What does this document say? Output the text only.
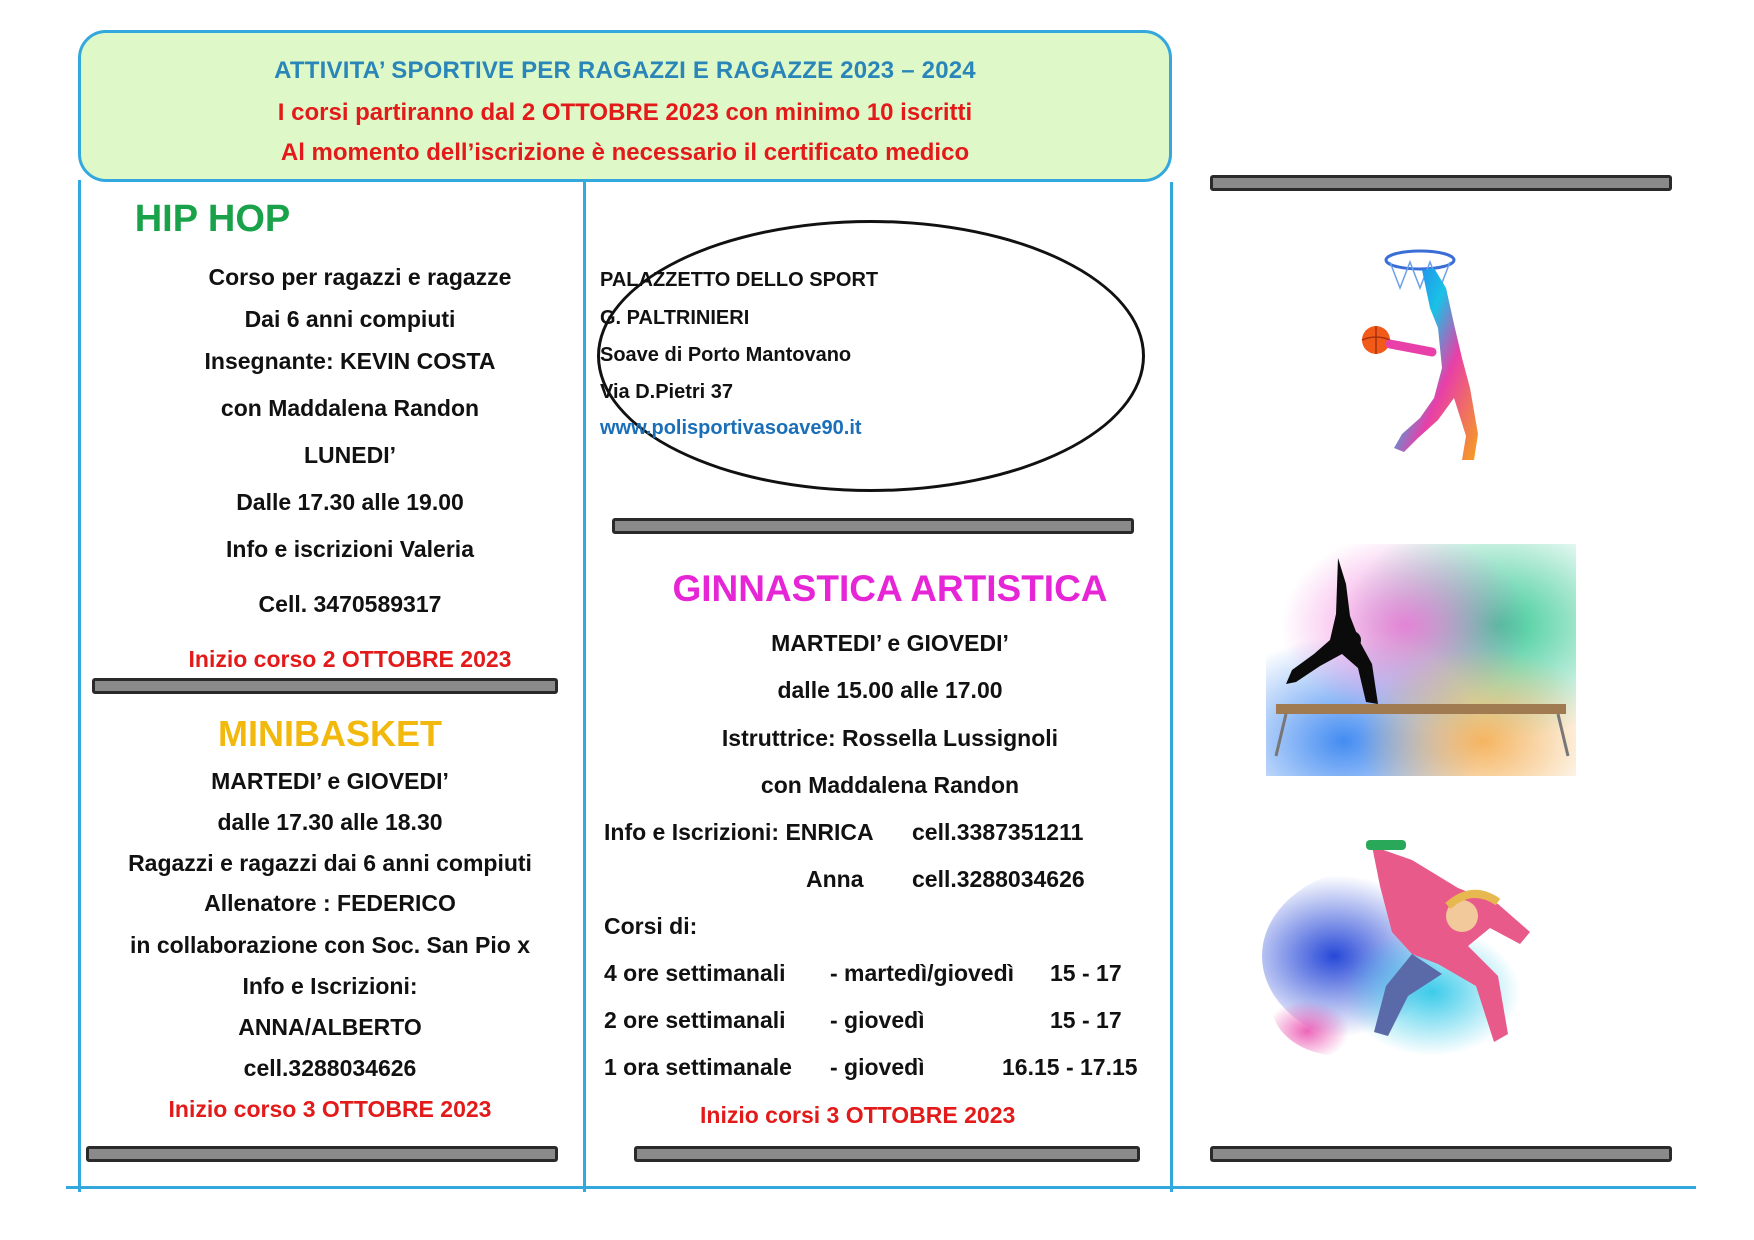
ATTIVITA’ SPORTIVE PER RAGAZZI E RAGAZZE 2023 – 2024
I corsi partiranno dal 2 OTTOBRE 2023 con minimo 10 iscritti
Al momento dell’iscrizione è necessario il certificato medico
HIP HOP
Corso per ragazzi e ragazze
Dai 6 anni compiuti
Insegnante: KEVIN COSTA
con Maddalena Randon
LUNEDI’
Dalle 17.30 alle 19.00
Info e iscrizioni Valeria
Cell. 3470589317
Inizio corso 2 OTTOBRE 2023
MINIBASKET
MARTEDI’ e GIOVEDI’
dalle 17.30 alle 18.30
Ragazzi e ragazzi dai 6 anni compiuti
Allenatore : FEDERICO
in collaborazione con Soc. San Pio x
Info e Iscrizioni:
ANNA/ALBERTO
cell.3288034626
Inizio corso 3 OTTOBRE 2023
PALAZZETTO DELLO SPORT
G. PALTRINIERI
Soave di Porto Mantovano
Via D.Pietri 37
www.polisportivasoave90.it
GINNASTICA ARTISTICA
MARTEDI’ e GIOVEDI’
dalle 15.00 alle 17.00
Istruttrice: Rossella Lussignoli
con Maddalena Randon
Info e Iscrizioni: ENRICA cell.3387351211
Anna cell.3288034626
Corsi di:
4 ore settimanali - martedì/giovedì 15 - 17
2 ore settimanali - giovedì	15 - 17
1 ora settimanale - giovedì	16.15 - 17.15
Inizio corsi 3 OTTOBRE 2023
